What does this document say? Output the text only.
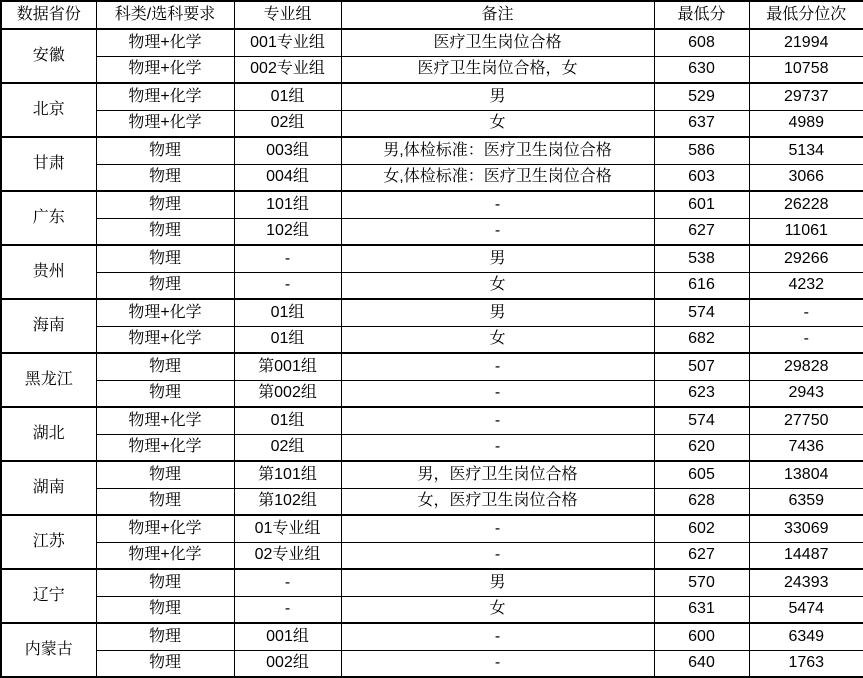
数据省份	科类/选科要求	专业组	备注	最低分	最低分位次
安徽	物理+化学	001专业组	医疗卫生岗位合格	608	21994
	物理+化学	002专业组	医疗卫生岗位合格，女	630	10758
北京	物理+化学	01组	男	529	29737
	物理+化学	02组	女	637	4989
甘肃	物理	003组	男,体检标准：医疗卫生岗位合格	586	5134
	物理	004组	女,体检标准：医疗卫生岗位合格	603	3066
广东	物理	101组	-	601	26228
	物理	102组	-	627	11061
贵州	物理	-	男	538	29266
	物理	-	女	616	4232
海南	物理+化学	01组	男	574	-
	物理+化学	01组	女	682	-
黑龙江	物理	第001组	-	507	29828
	物理	第002组	-	623	2943
湖北	物理+化学	01组	-	574	27750
	物理+化学	02组	-	620	7436
湖南	物理	第101组	男，医疗卫生岗位合格	605	13804
	物理	第102组	女，医疗卫生岗位合格	628	6359
江苏	物理+化学	01专业组	-	602	33069
	物理+化学	02专业组	-	627	14487
辽宁	物理	-	男	570	24393
	物理	-	女	631	5474
内蒙古	物理	001组	-	600	6349
	物理	002组	-	640	1763
